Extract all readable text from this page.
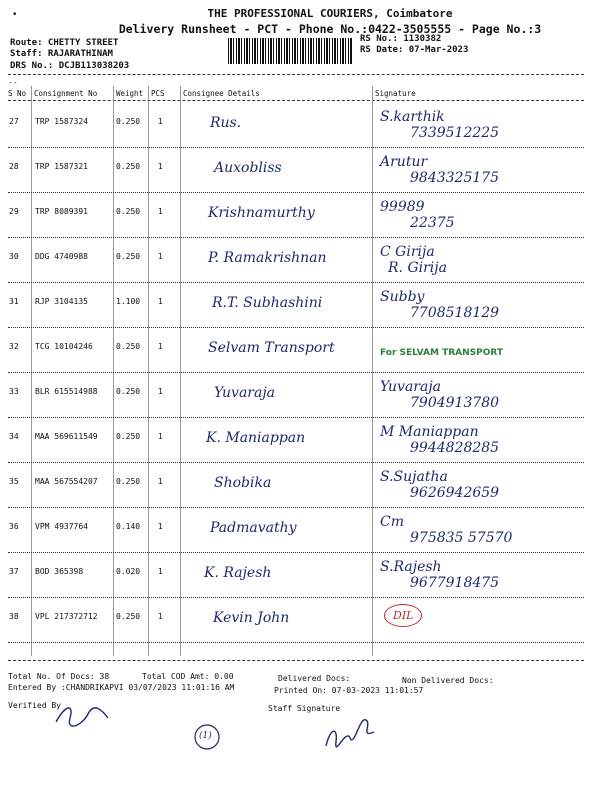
•	THE PROFESSIONAL COURIERS, Coimbatore
Delivery Runsheet - PCT - Phone No.:0422-3505555 - Page No.:3
Route: CHETTY STREET
Staff: RAJARATHINAM
DRS No.: DCJB113038203
RS No.: 1130382
RS Date: 07-Mar-2023
--
S No Consignment No	Weight PCS Consignee Details	Signature
27 TRP 1587324	0.250 1	Rus.	S.karthik
7339512225
28 TRP 1587321	0.250 1	Auxobliss	Arutur
9843325175
29 TRP 8089391	0.250 1	Krishnamurthy	99989
22375
30 DDG 4740988	0.250 1	P. Ramakrishnan	C Girija
R. Girija
31 RJP 3104135	1.100 1	R.T. Subhashini	Subby
7708518129
32 TCG 10104246	0.250 1	Selvam Transport	For SELVAM TRANSPORT
33 BLR 615514988 0.250 1	Yuvaraja	Yuvaraja
7904913780
34 MAA 569611549 0.250 1	K. Maniappan	M Maniappan
9944828285
35 MAA 567554207 0.250 1	Shobika	S.Sujatha
9626942659
36 VPM 4937764	0.140 1	Padmavathy	Cm
975835 57570
37 BOD 365398	0.020 1	K. Rajesh	S.Rajesh
9677918475
38 VPL 217372712 0.250 1	Kevin John	DIL
Total No. Of Docs: 38	Total COD Amt: 0.00	Delivered Docs:	Non Delivered Docs:
Entered By :CHANDRIKAPVI 03/07/2023 11:01:16 AM	Printed On: 07-03-2023 11:01:57
Verified By	Staff Signature
(1)
